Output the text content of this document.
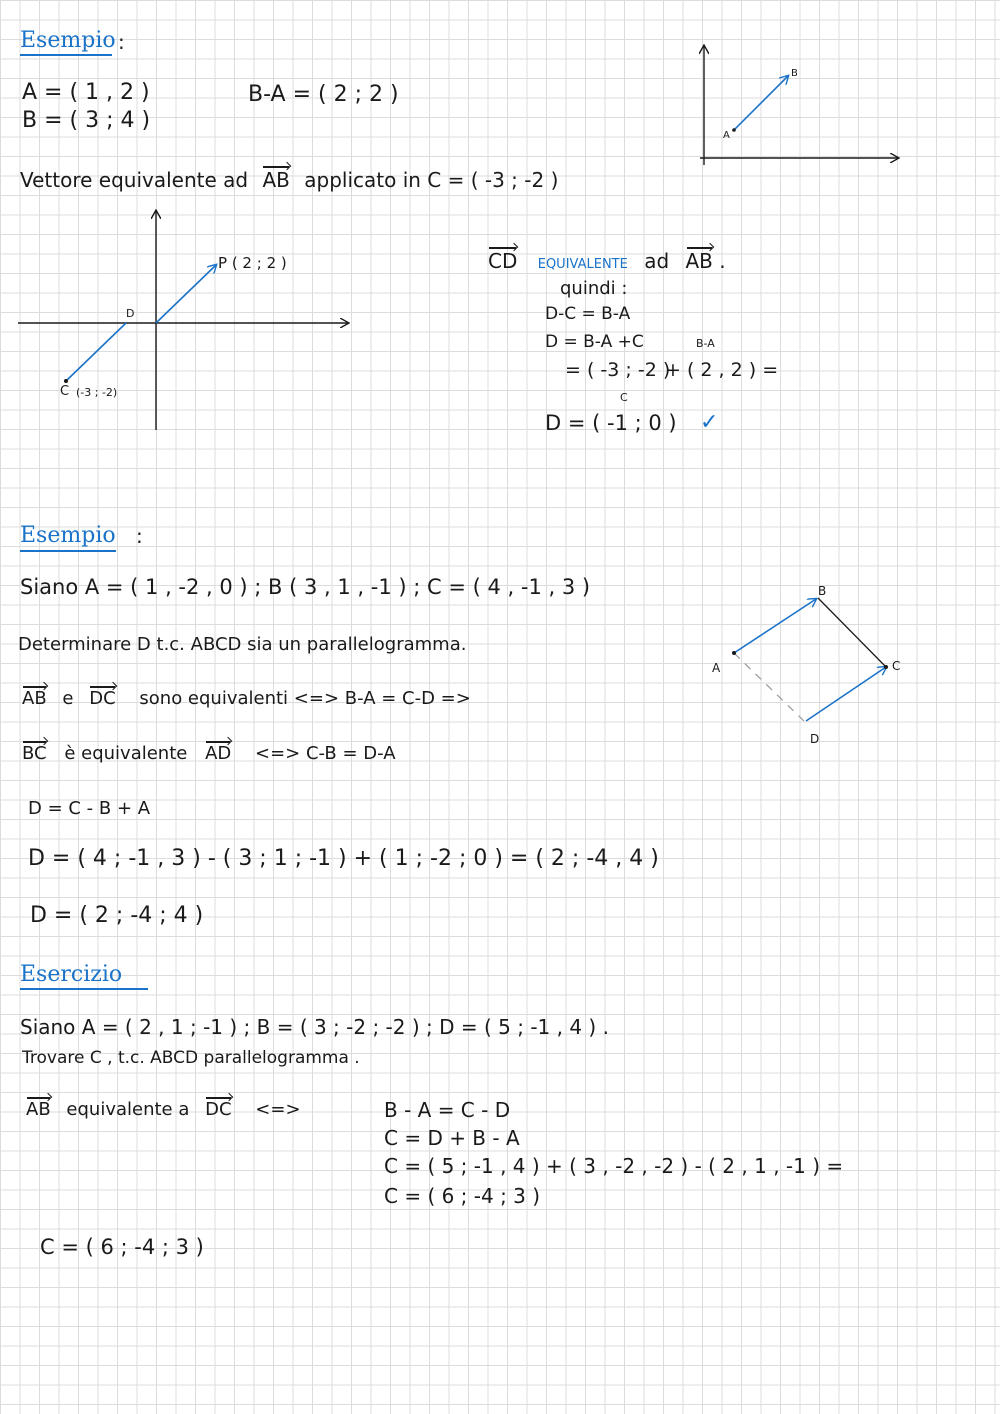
Esempio :
A = ( 1 , 2 )
B = ( 3 ; 4 )
B-A = ( 2 ; 2 )
A
B
Vettore equivalente ad AB applicato in C = ( -3 ; -2 )
P ( 2 ; 2 )
D
C (-3 ; -2)
CD EQUIVALENTE ad AB .
quindi :
D-C = B-A
D = B-A +C	B-A
= ( -3 ; -2 )
+ ( 2 , 2 ) =
C
D = ( -1 ; 0 ) ✓
Esempio :
Siano A = ( 1 , -2 , 0 ) ; B ( 3 , 1 , -1 ) ; C = ( 4 , -1 , 3 )
Determinare D t.c. ABCD sia un parallelogramma.
AB e DC sono equivalenti <=> B-A = C-D =>
BC è equivalente AD <=> C-B = D-A
D = C - B + A
D = ( 4 ; -1 , 3 ) - ( 3 ; 1 ; -1 ) + ( 1 ; -2 ; 0 ) = ( 2 ; -4 , 4 )
D = ( 2 ; -4 ; 4 )
A
B
C
D
Esercizio
Siano A = ( 2 , 1 ; -1 ) ; B = ( 3 ; -2 ; -2 ) ; D = ( 5 ; -1 , 4 ) .
Trovare C , t.c. ABCD parallelogramma .
AB equivalente a DC <=>	B - A = C - D
C = D + B - A
C = ( 5 ; -1 , 4 ) + ( 3 , -2 , -2 ) - ( 2 , 1 , -1 ) =
C = ( 6 ; -4 ; 3 )
C = ( 6 ; -4 ; 3 )
